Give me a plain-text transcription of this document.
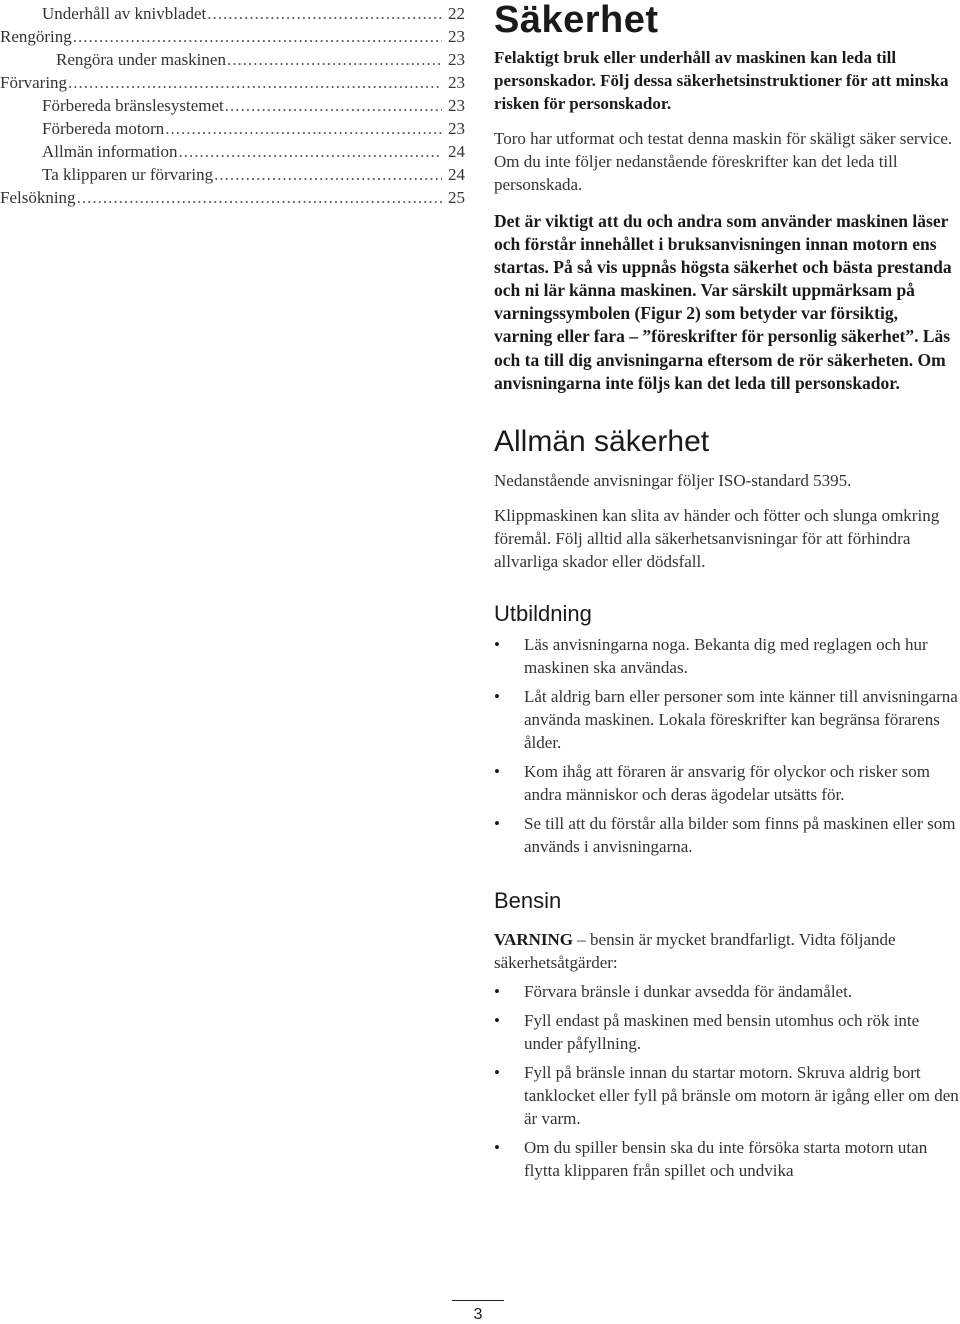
Underhåll av knivbladet .....	22
Rengöring .....	23
Rengöra under maskinen .....	23
Förvaring .....	23
Förbereda bränslesystemet .....	23
Förbereda motorn .....	23
Allmän information .....	24
Ta klipparen ur förvaring .....	24
Felsökning .....	25
Säkerhet

Felaktigt bruk eller underhåll av maskinen kan leda till personskador. Följ dessa säkerhetsinstruktioner för att minska risken för personskador.

Toro har utformat och testat denna maskin för skäligt säker service. Om du inte följer nedanstående föreskrifter kan det leda till personskada.

Det är viktigt att du och andra som använder maskinen läser och förstår innehållet i bruksanvisningen innan motorn ens startas. På så vis uppnås högsta säkerhet och bästa prestanda och ni lär känna maskinen. Var särskilt uppmärksam på varningssymbolen (Figur 2) som betyder var försiktig, varning eller fara – ”föreskrifter för personlig säkerhet”. Läs och ta till dig anvisningarna eftersom de rör säkerheten. Om anvisningarna inte följs kan det leda till personskador.

Allmän säkerhet

Nedanstående anvisningar följer ISO-standard 5395.

Klippmaskinen kan slita av händer och fötter och slunga omkring föremål. Följ alltid alla säkerhetsanvisningar för att förhindra allvarliga skador eller dödsfall.

Utbildning
• Läs anvisningarna noga. Bekanta dig med reglagen och hur maskinen ska användas.
• Låt aldrig barn eller personer som inte känner till anvisningarna använda maskinen. Lokala föreskrifter kan begränsa förarens ålder.
• Kom ihåg att föraren är ansvarig för olyckor och risker som andra människor och deras ägodelar utsätts för.
• Se till att du förstår alla bilder som finns på maskinen eller som används i anvisningarna.
Bensin

VARNING – bensin är mycket brandfarligt. Vidta följande säkerhetsåtgärder:

• Förvara bränsle i dunkar avsedda för ändamålet.
• Fyll endast på maskinen med bensin utomhus och rök inte under påfyllning.
• Fyll på bränsle innan du startar motorn. Skruva aldrig bort tanklocket eller fyll på bränsle om motorn är igång eller om den är varm.
• Om du spiller bensin ska du inte försöka starta motorn utan flytta klipparen från spillet och undvika
3
